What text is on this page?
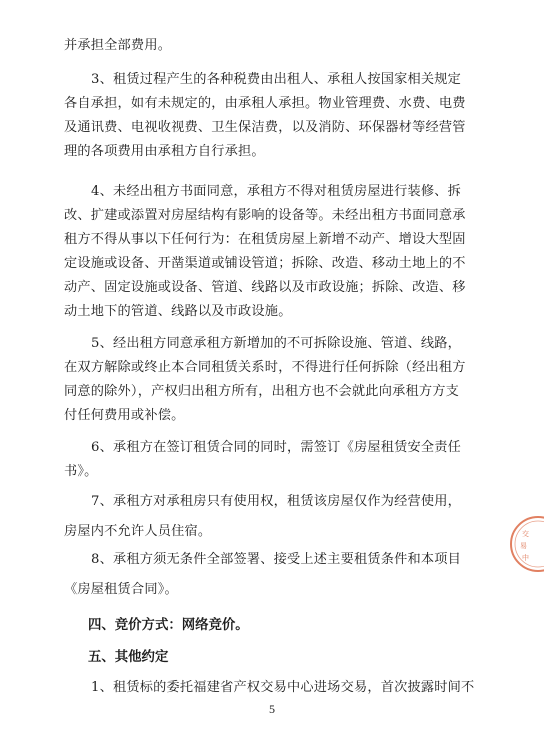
并承担全部费用。
3、租赁过程产生的各种税费由出租人、承租人按国家相关规定
各自承担，如有未规定的，由承租人承担。物业管理费、水费、电费
及通讯费、电视收视费、卫生保洁费，以及消防、环保器材等经营管
理的各项费用由承租方自行承担。
4、未经出租方书面同意，承租方不得对租赁房屋进行装修、拆
改、扩建或添置对房屋结构有影响的设备等。未经出租方书面同意承
租方不得从事以下任何行为：在租赁房屋上新增不动产、增设大型固
定设施或设备、开凿渠道或铺设管道；拆除、改造、移动土地上的不
动产、固定设施或设备、管道、线路以及市政设施；拆除、改造、移
动土地下的管道、线路以及市政设施。
5、经出租方同意承租方新增加的不可拆除设施、管道、线路，
在双方解除或终止本合同租赁关系时，不得进行任何拆除（经出租方
同意的除外），产权归出租方所有，出租方也不会就此向承租方方支
付任何费用或补偿。
6、承租方在签订租赁合同的同时，需签订《房屋租赁安全责任
书》。
7、承租方对承租房只有使用权，租赁该房屋仅作为经营使用，
房屋内不允许人员住宿。
8、承租方须无条件全部签署、接受上述主要租赁条件和本项目
《房屋租赁合同》。
四、竞价方式：网络竞价。
五、其他约定
1、租赁标的委托福建省产权交易中心进场交易，首次披露时间不
5
交
易
中
